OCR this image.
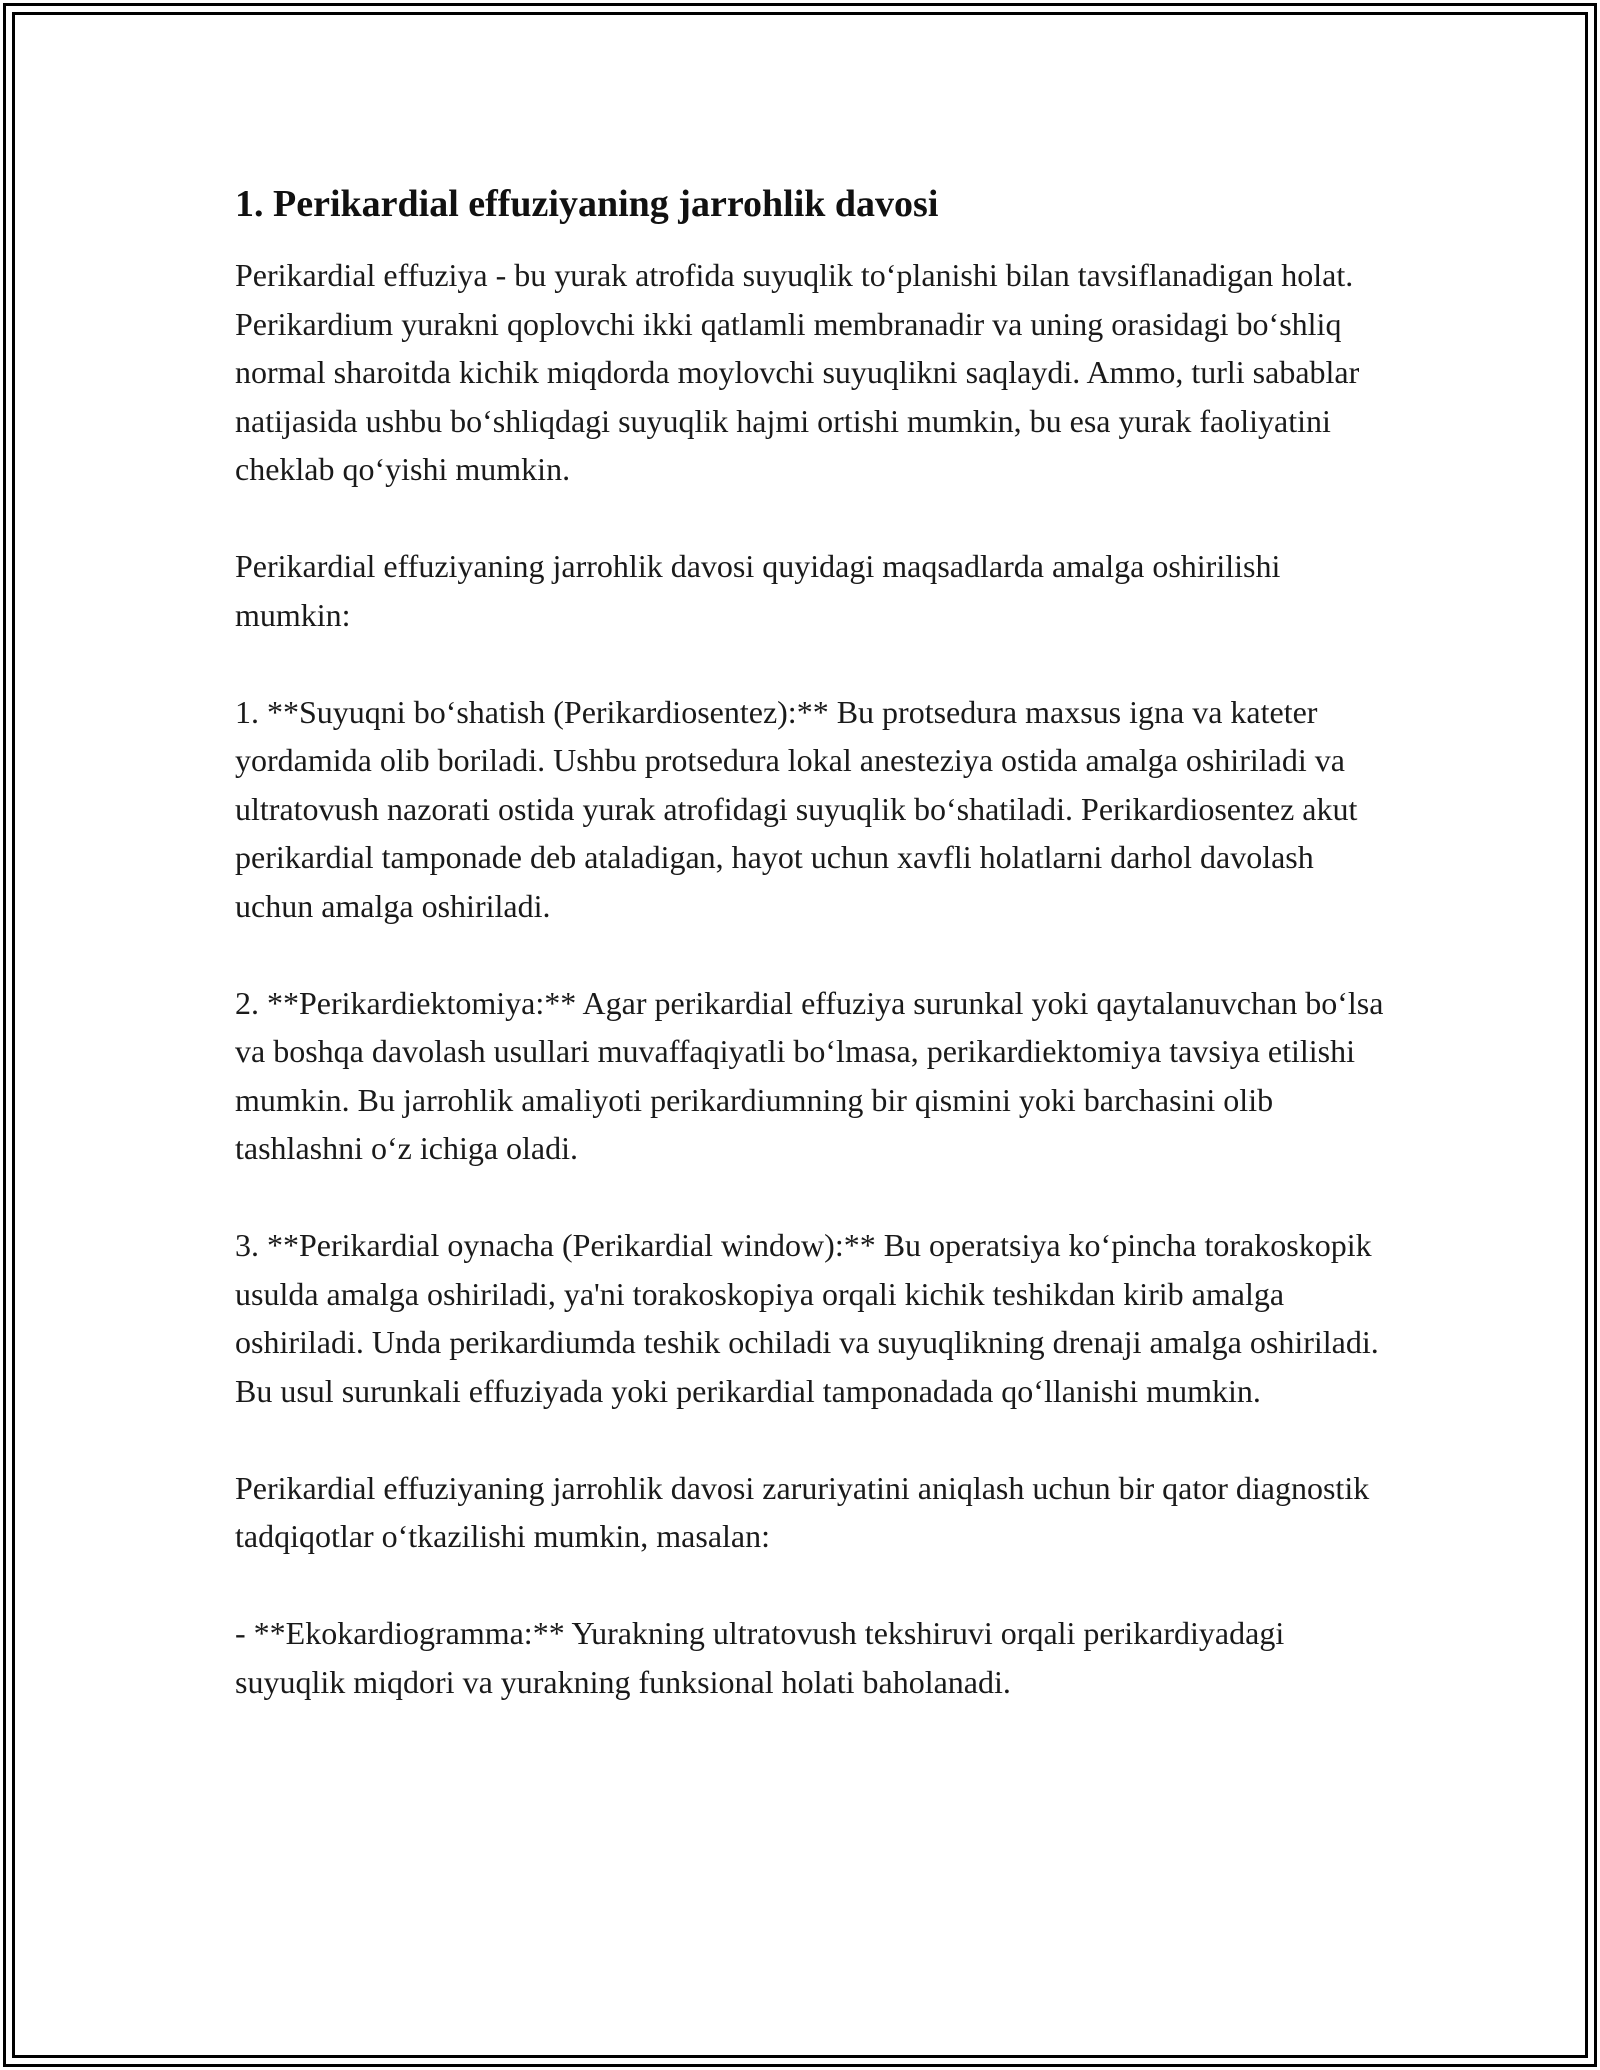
1. Perikardial effuziyaning jarrohlik davosi

Perikardial effuziya - bu yurak atrofida suyuqlik to‘planishi bilan tavsiflanadigan holat. Perikardium yurakni qoplovchi ikki qatlamli membranadir va uning orasidagi bo‘shliq normal sharoitda kichik miqdorda moylovchi suyuqlikni saqlaydi. Ammo, turli sabablar natijasida ushbu bo‘shliqdagi suyuqlik hajmi ortishi mumkin, bu esa yurak faoliyatini cheklab qo‘yishi mumkin.

Perikardial effuziyaning jarrohlik davosi quyidagi maqsadlarda amalga oshirilishi mumkin:

1. **Suyuqni bo‘shatish (Perikardiosentez):** Bu protsedura maxsus igna va kateter yordamida olib boriladi. Ushbu protsedura lokal anesteziya ostida amalga oshiriladi va ultratovush nazorati ostida yurak atrofidagi suyuqlik bo‘shatiladi. Perikardiosentez akut perikardial tamponade deb ataladigan, hayot uchun xavfli holatlarni darhol davolash uchun amalga oshiriladi.

2. **Perikardiektomiya:** Agar perikardial effuziya surunkal yoki qaytalanuvchan bo‘lsa va boshqa davolash usullari muvaffaqiyatli bo‘lmasa, perikardiektomiya tavsiya etilishi mumkin. Bu jarrohlik amaliyoti perikardiumning bir qismini yoki barchasini olib tashlashni o‘z ichiga oladi.

3. **Perikardial oynacha (Perikardial window):** Bu operatsiya ko‘pincha torakoskopik usulda amalga oshiriladi, ya'ni torakoskopiya orqali kichik teshikdan kirib amalga oshiriladi. Unda perikardiumda teshik ochiladi va suyuqlikning drenaji amalga oshiriladi. Bu usul surunkali effuziyada yoki perikardial tamponadada qo‘llanishi mumkin.

Perikardial effuziyaning jarrohlik davosi zaruriyatini aniqlash uchun bir qator diagnostik tadqiqotlar o‘tkazilishi mumkin, masalan:

- **Ekokardiogramma:** Yurakning ultratovush tekshiruvi orqali perikardiyadagi suyuqlik miqdori va yurakning funksional holati baholanadi.
